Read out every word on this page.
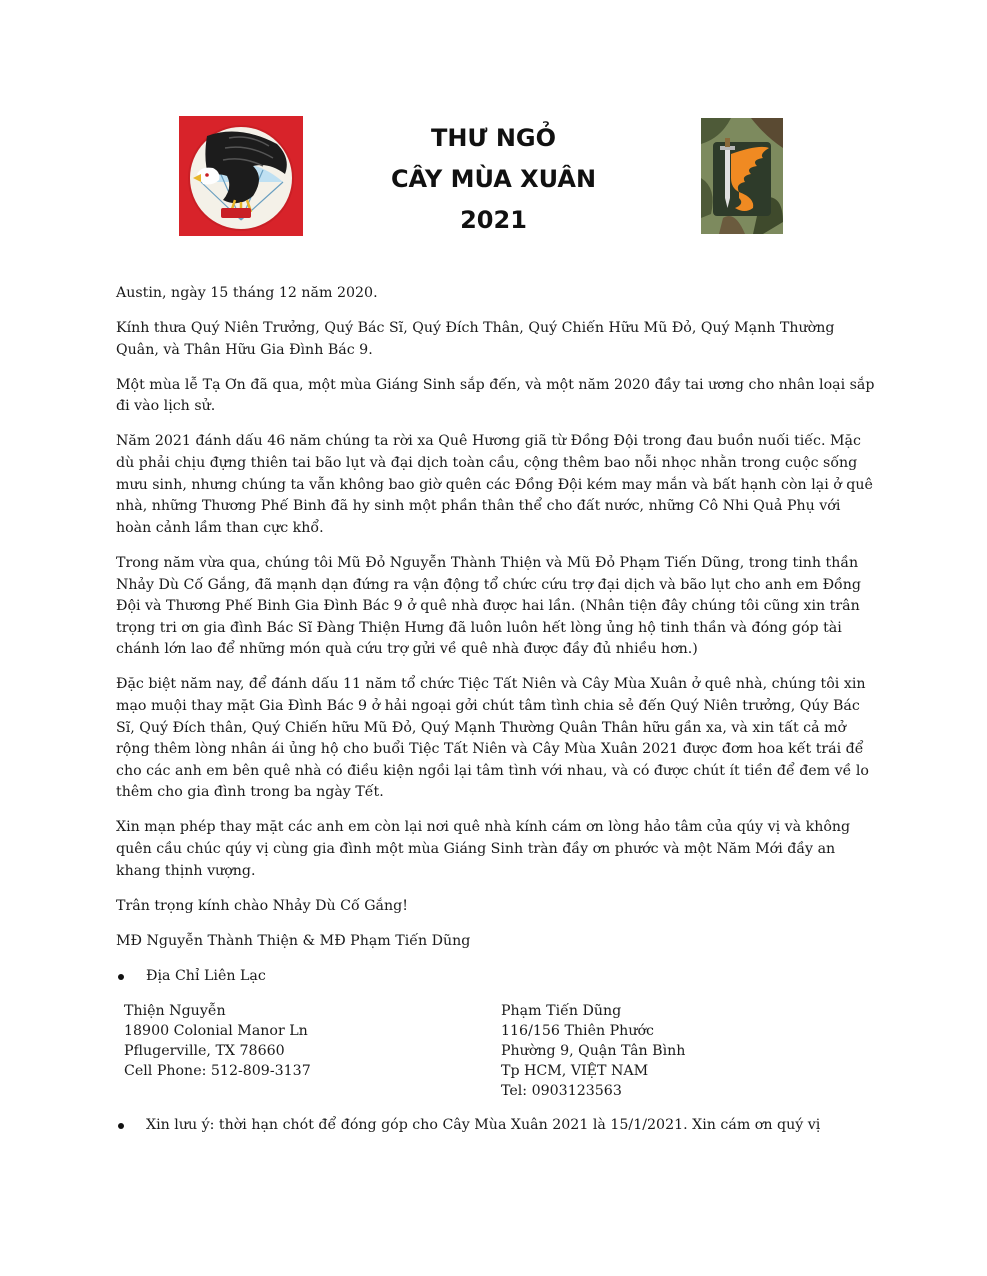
THƯ NGỎ
CÂY MÙA XUÂN
2021

Austin, ngày 15 tháng 12 năm 2020.

Kính thưa Quý Niên Trưởng, Quý Bác Sĩ, Quý Đích Thân, Quý Chiến Hữu Mũ Đỏ, Quý Mạnh Thường Quân, và Thân Hữu Gia Đình Bác 9.

Một mùa lễ Tạ Ơn đã qua, một mùa Giáng Sinh sắp đến, và một năm 2020 đầy tai ương cho nhân loại sắp đi vào lịch sử.

Năm 2021 đánh dấu 46 năm chúng ta rời xa Quê Hương giã từ Đồng Đội trong đau buồn nuối tiếc. Mặc dù phải chịu đựng thiên tai bão lụt và đại dịch toàn cầu, cộng thêm bao nỗi nhọc nhằn trong cuộc sống mưu sinh, nhưng chúng ta vẫn không bao giờ quên các Đồng Đội kém may mắn và bất hạnh còn lại ở quê nhà, những Thương Phế Binh đã hy sinh một phần thân thể cho đất nước, những Cô Nhi Quả Phụ với hoàn cảnh lầm than cực khổ.

Trong năm vừa qua, chúng tôi Mũ Đỏ Nguyễn Thành Thiện và Mũ Đỏ Phạm Tiến Dũng, trong tinh thần Nhảy Dù Cố Gắng, đã mạnh dạn đứng ra vận động tổ chức cứu trợ đại dịch và bão lụt cho anh em Đồng Đội và Thương Phế Binh Gia Đình Bác 9 ở quê nhà được hai lần. (Nhân tiện đây chúng tôi cũng xin trân trọng tri ơn gia đình Bác Sĩ Đàng Thiện Hưng đã luôn luôn hết lòng ủng hộ tinh thần và đóng góp tài chánh lớn lao để những món quà cứu trợ gửi về quê nhà được đầy đủ nhiều hơn.)

Đặc biệt năm nay, để đánh dấu 11 năm tổ chức Tiệc Tất Niên và Cây Mùa Xuân ở quê nhà, chúng tôi xin mạo muội thay mặt Gia Đình Bác 9 ở hải ngoại gởi chút tâm tình chia sẻ đến Quý Niên trưởng, Qúy Bác Sĩ, Quý Đích thân, Quý Chiến hữu Mũ Đỏ, Quý Mạnh Thường Quân Thân hữu gần xa, và xin tất cả mở rộng thêm lòng nhân ái ủng hộ cho buổi Tiệc Tất Niên và Cây Mùa Xuân 2021 được đơm hoa kết trái để cho các anh em bên quê nhà có điều kiện ngồi lại tâm tình với nhau, và có được chút ít tiền để đem về lo thêm cho gia đình trong ba ngày Tết.

Xin mạn phép thay mặt các anh em còn lại nơi quê nhà kính cám ơn lòng hảo tâm của qúy vị và không quên cầu chúc qúy vị cùng gia đình một mùa Giáng Sinh tràn đầy ơn phước và một Năm Mới đầy an khang thịnh vượng.

Trân trọng kính chào Nhảy Dù Cố Gắng!

MĐ Nguyễn Thành Thiện & MĐ Phạm Tiến Dũng

Địa Chỉ Liên Lạc
Thiện Nguyễn
18900 Colonial Manor Ln
Pflugerville, TX 78660
Cell Phone: 512-809-3137
Phạm Tiến Dũng
116/156 Thiên Phước
Phường 9, Quận Tân Bình
Tp HCM, VIỆT NAM
Tel: 0903123563
Xin lưu ý: thời hạn chót để đóng góp cho Cây Mùa Xuân 2021 là 15/1/2021. Xin cám ơn quý vị
